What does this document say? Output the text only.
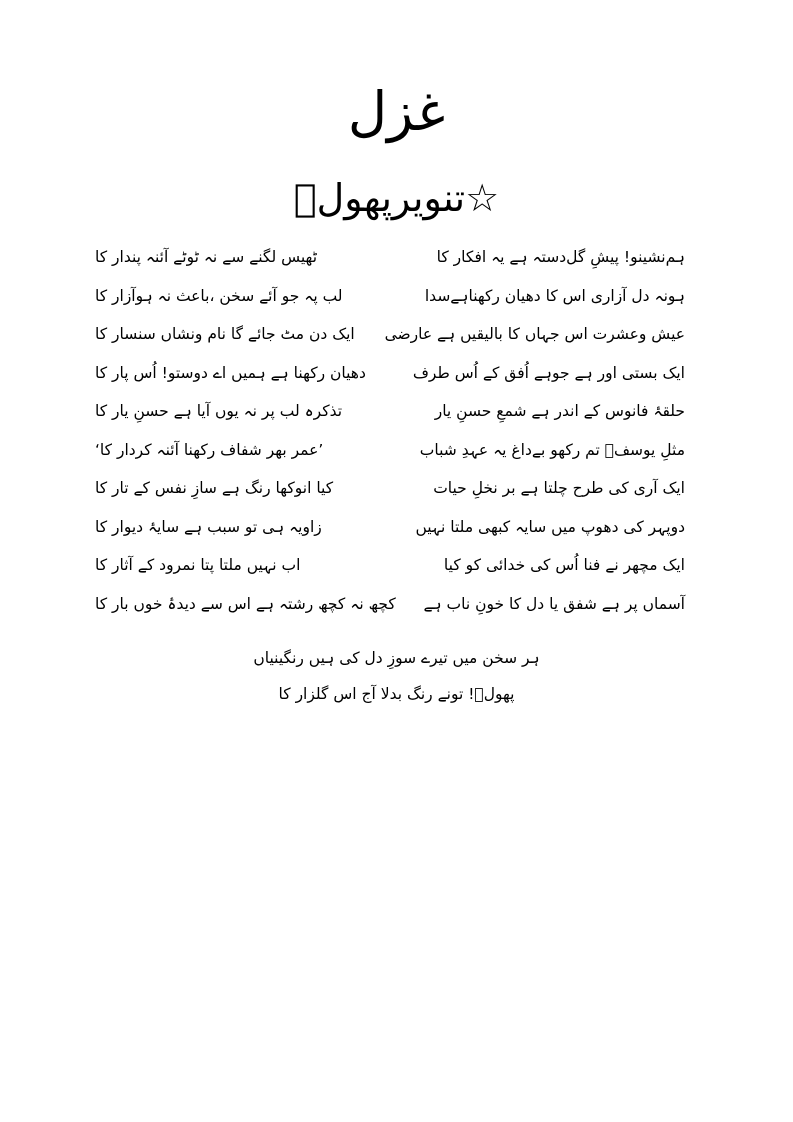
غزل
☆تنویرپھولؔ
ہم‌نشینو! پیشِ گل‌دستہ ہے یہ افکار کا
ٹھیس لگنے سے نہ ٹوٹے آئنہ پندار کا
ہونہ دل آزاری اس کا دھیان رکھناہےسدا
لب پہ جو آئے سخن ،باعث نہ ہوآزار کا
عیش وعشرت اس جہاں کا بالیقیں ہے عارضی
ایک دن مٹ جائے گا نام ونشاں سنسار کا
ایک بستی اور ہے جوہے اُفق کے اُس طرف
دھیان رکھنا ہے ہمیں اے دوستو! اُس پار کا
حلقۂ فانوس کے اندر ہے شمعِ حسنِ یار
تذکرہ لب پر نہ یوں آیا ہے حسنِ یار کا
مثلِ یوسفؑ تم رکھو بےداغ یہ عہدِ شباب
’عمر بھر شفاف رکھنا آئنہ کردار کا‘
ایک آری کی طرح چلتا ہے بر نخلِ حیات
کیا انوکھا رنگ ہے سازِ نفس کے تار کا
دوپہر کی دھوپ میں سایہ کبھی ملتا نہیں
زاویہ ہی تو سبب ہے سایۂ دیوار کا
ایک مچھر نے فنا اُس کی خدائی کو کیا
اب نہیں ملتا پتا نمرود کے آثار کا
آسماں پر ہے شفق یا دل کا خونِ ناب ہے
کچھ نہ کچھ رشتہ ہے اس سے دیدۂ خوں بار کا
ہر سخن میں تیرے سوزِ دل کی ہیں رنگینیاں
پھولؔ! تونے رنگ بدلا آج اس گلزار کا
